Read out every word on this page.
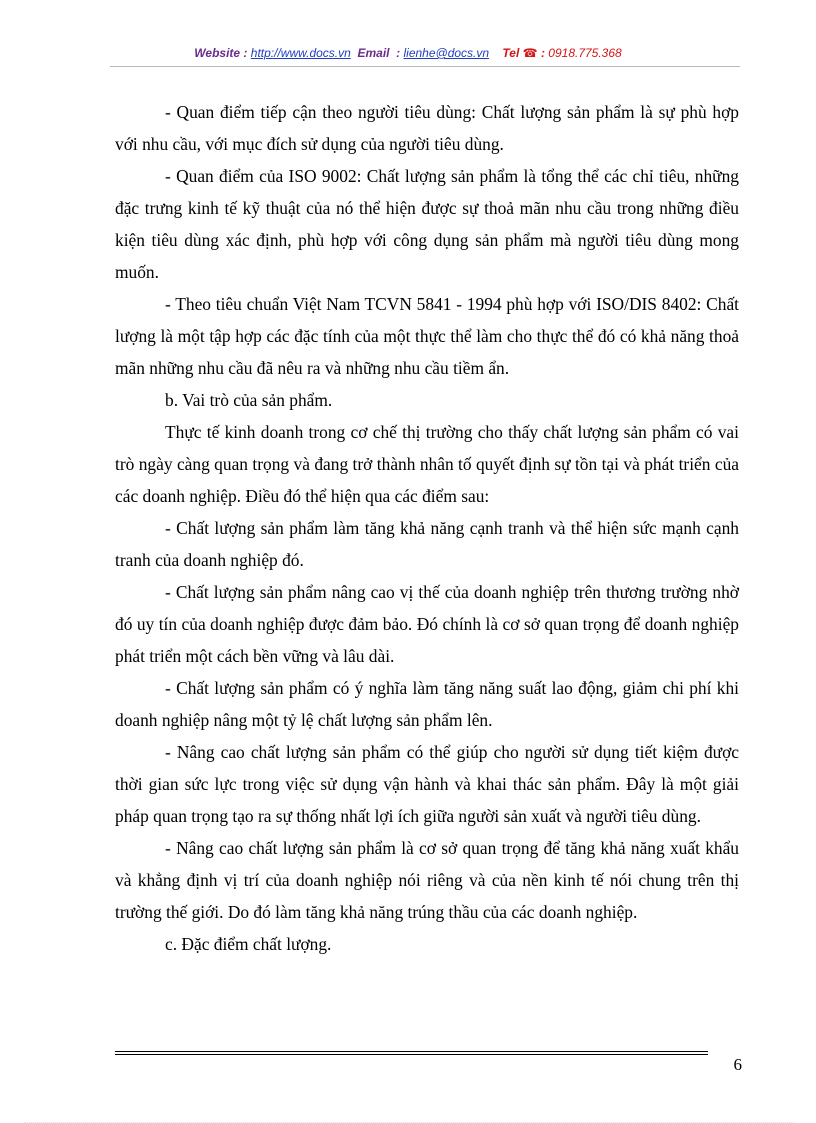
Website : http://www.docs.vn Email  : lienhe@docs.vn Tel ☎ : 0918.775.368

- Quan điểm tiếp cận theo người tiêu dùng: Chất lượng sản phẩm là sự phù hợp với nhu cầu, với mục đích sử dụng của người tiêu dùng.

- Quan điểm của ISO 9002: Chất lượng sản phẩm là tổng thể các chỉ tiêu, những đặc trưng kinh tế kỹ thuật của nó thể hiện được sự thoả mãn nhu cầu trong những điều kiện tiêu dùng xác định, phù hợp với công dụng sản phẩm mà người tiêu dùng mong muốn.

- Theo tiêu chuẩn Việt Nam TCVN 5841 - 1994 phù hợp với ISO/DIS 8402: Chất lượng là một tập hợp các đặc tính của một thực thể làm cho thực thể đó có khả năng thoả mãn những nhu cầu đã nêu ra và những nhu cầu tiềm ẩn.

b. Vai trò của sản phẩm.

Thực tế kinh doanh trong cơ chế thị trường cho thấy chất lượng sản phẩm có vai trò ngày càng quan trọng và đang trở thành nhân tố quyết định sự tồn tại và phát triển của các doanh nghiệp. Điều đó thể hiện qua các điểm sau:

- Chất lượng sản phẩm làm tăng khả năng cạnh tranh và thể hiện sức mạnh cạnh tranh của doanh nghiệp đó.

- Chất lượng sản phẩm nâng cao vị thế của doanh nghiệp trên thương trường nhờ đó uy tín của doanh nghiệp được đảm bảo. Đó chính là cơ sở quan trọng để doanh nghiệp phát triển một cách bền vững và lâu dài.

- Chất lượng sản phẩm có ý nghĩa làm tăng năng suất lao động, giảm chi phí khi doanh nghiệp nâng một tỷ lệ chất lượng sản phẩm lên.

- Nâng cao chất lượng sản phẩm có thể giúp cho người sử dụng tiết kiệm được thời gian sức lực trong việc sử dụng vận hành và khai thác sản phẩm. Đây là một giải pháp quan trọng tạo ra sự thống nhất lợi ích giữa người sản xuất và người tiêu dùng.

- Nâng cao chất lượng sản phẩm là cơ sở quan trọng để tăng khả năng xuất khẩu và khẳng định vị trí của doanh nghiệp nói riêng và của nền kinh tế nói chung trên thị trường thế giới. Do đó làm tăng khả năng trúng thầu của các doanh nghiệp.

c. Đặc điểm chất lượng.

6
